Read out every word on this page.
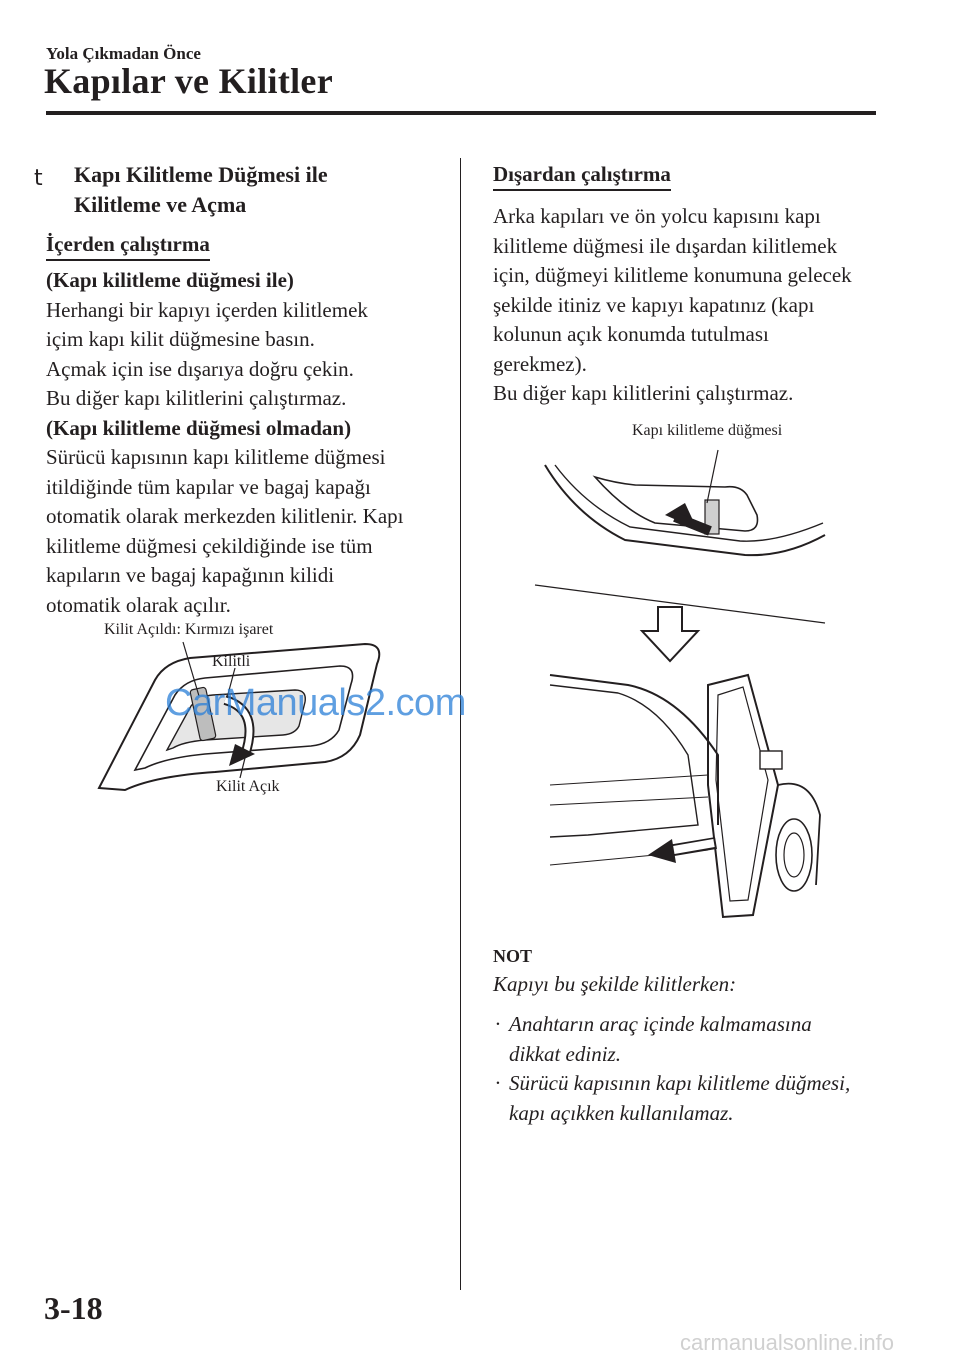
Yola Çıkmadan Önce
Kapılar ve Kilitler
t Kapı Kilitleme Düğmesi ile
Kilitleme ve Açma
İçerden çalıştırma

(Kapı kilitleme düğmesi ile)

Herhangi bir kapıyı içerden kilitlemek

içim kapı kilit düğmesine basın.

Açmak için ise dışarıya doğru çekin.

Bu diğer kapı kilitlerini çalıştırmaz.

(Kapı kilitleme düğmesi olmadan)

Sürücü kapısının kapı kilitleme düğmesi

itildiğinde tüm kapılar ve bagaj kapağı

otomatik olarak merkezden kilitlenir. Kapı

kilitleme düğmesi çekildiğinde ise tüm

kapıların ve bagaj kapağının kilidi

otomatik olarak açılır.

Kilit Açıldı: Kırmızı işaret
Kilitli
Kilit Açık
CarManuals2.com
Dışardan çalıştırma

Arka kapıları ve ön yolcu kapısını kapı

kilitleme düğmesi ile dışardan kilitlemek

için, düğmeyi kilitleme konumuna gelecek

şekilde itiniz ve kapıyı kapatınız (kapı

kolunun açık konumda tutulması

gerekmez).

Bu diğer kapı kilitlerini çalıştırmaz.

Kapı kilitleme düğmesi
NOT
Kapıyı bu şekilde kilitlerken:
· Anahtarın araç içinde kalmamasına
dikkat ediniz.
· Sürücü kapısının kapı kilitleme düğmesi,
kapı açıkken kullanılamaz.
3-18
carmanualsonline.info
